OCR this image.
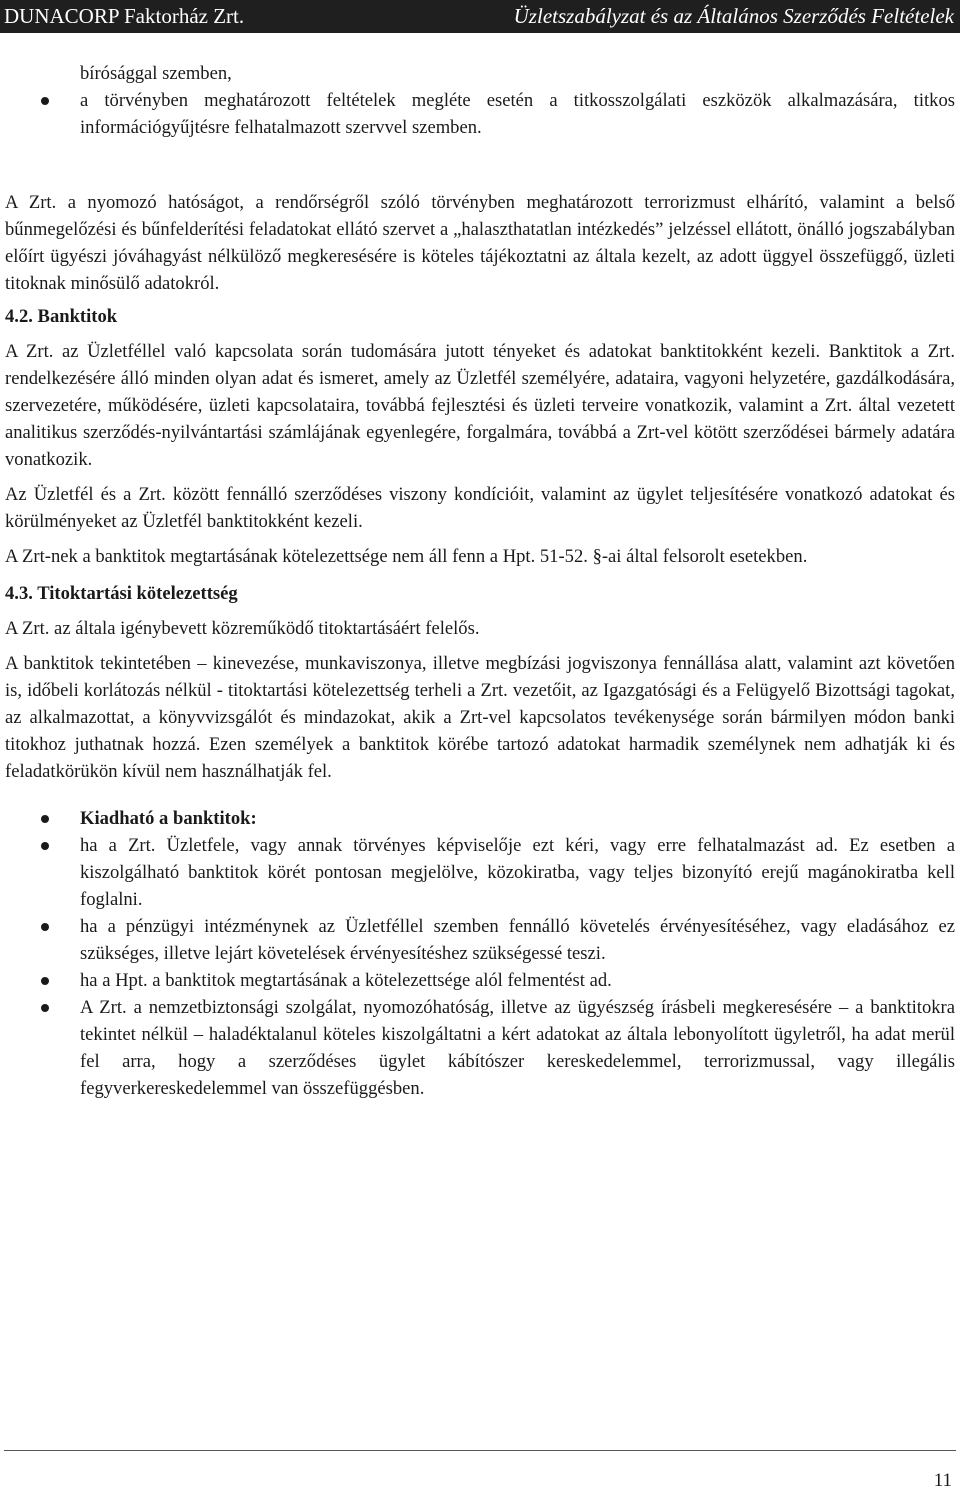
DUNACORP Faktorház Zrt.	Üzletszabályzat és az Általános Szerződés Feltételek
bírósággal szemben,
a törvényben meghatározott feltételek megléte esetén a titkosszolgálati eszközök alkalmazására, titkos információgyűjtésre felhatalmazott szervvel szemben.

A Zrt. a nyomozó hatóságot, a rendőrségről szóló törvényben meghatározott terrorizmust elhárító, valamint a belső bűnmegelőzési és bűnfelderítési feladatokat ellátó szervet a „halaszthatatlan intézkedés” jelzéssel ellátott, önálló jogszabályban előírt ügyészi jóváhagyást nélkülöző megkeresésére is köteles tájékoztatni az általa kezelt, az adott üggyel összefüggő, üzleti titoknak minősülő adatokról.

4.2. Banktitok

A Zrt. az Üzletféllel való kapcsolata során tudomására jutott tényeket és adatokat banktitokként kezeli. Banktitok a Zrt. rendelkezésére álló minden olyan adat és ismeret, amely az Üzletfél személyére, adataira, vagyoni helyzetére, gazdálkodására, szervezetére, működésére, üzleti kapcsolataira, továbbá fejlesztési és üzleti terveire vonatkozik, valamint a Zrt. által vezetett analitikus szerződés-nyilvántartási számlájának egyenlegére, forgalmára, továbbá a Zrt-vel kötött szerződései bármely adatára vonatkozik.

Az Üzletfél és a Zrt. között fennálló szerződéses viszony kondícióit, valamint az ügylet teljesítésére vonatkozó adatokat és körülményeket az Üzletfél banktitokként kezeli.

A Zrt-nek a banktitok megtartásának kötelezettsége nem áll fenn a Hpt. 51-52. §-ai által felsorolt esetekben.

4.3. Titoktartási kötelezettség

A Zrt. az általa igénybevett közreműködő titoktartásáért felelős.

A banktitok tekintetében – kinevezése, munkaviszonya, illetve megbízási jogviszonya fennállása alatt, valamint azt követően is, időbeli korlátozás nélkül - titoktartási kötelezettség terheli a Zrt. vezetőit, az Igazgatósági és a Felügyelő Bizottsági tagokat, az alkalmazottat, a könyvvizsgálót és mindazokat, akik a Zrt-vel kapcsolatos tevékenysége során bármilyen módon banki titokhoz juthatnak hozzá. Ezen személyek a banktitok körébe tartozó adatokat harmadik személynek nem adhatják ki és feladatkörükön kívül nem használhatják fel.

Kiadható a banktitok:
ha a Zrt. Üzletfele, vagy annak törvényes képviselője ezt kéri, vagy erre felhatalmazást ad. Ez esetben a kiszolgálható banktitok körét pontosan megjelölve, közokiratba, vagy teljes bizonyító erejű magánokiratba kell foglalni.
ha a pénzügyi intézménynek az Üzletféllel szemben fennálló követelés érvényesítéséhez, vagy eladásához ez szükséges, illetve lejárt követelések érvényesítéshez szükségessé teszi.
ha a Hpt. a banktitok megtartásának a kötelezettsége alól felmentést ad.
A Zrt. a nemzetbiztonsági szolgálat, nyomozóhatóság, illetve az ügyészség írásbeli megkeresésére – a banktitokra tekintet nélkül – haladéktalanul köteles kiszolgáltatni a kért adatokat az általa lebonyolított ügyletről, ha adat merül fel arra, hogy a szerződéses ügylet kábítószer kereskedelemmel, terrorizmussal, vagy illegális fegyverkereskedelemmel van összefüggésben.
11
